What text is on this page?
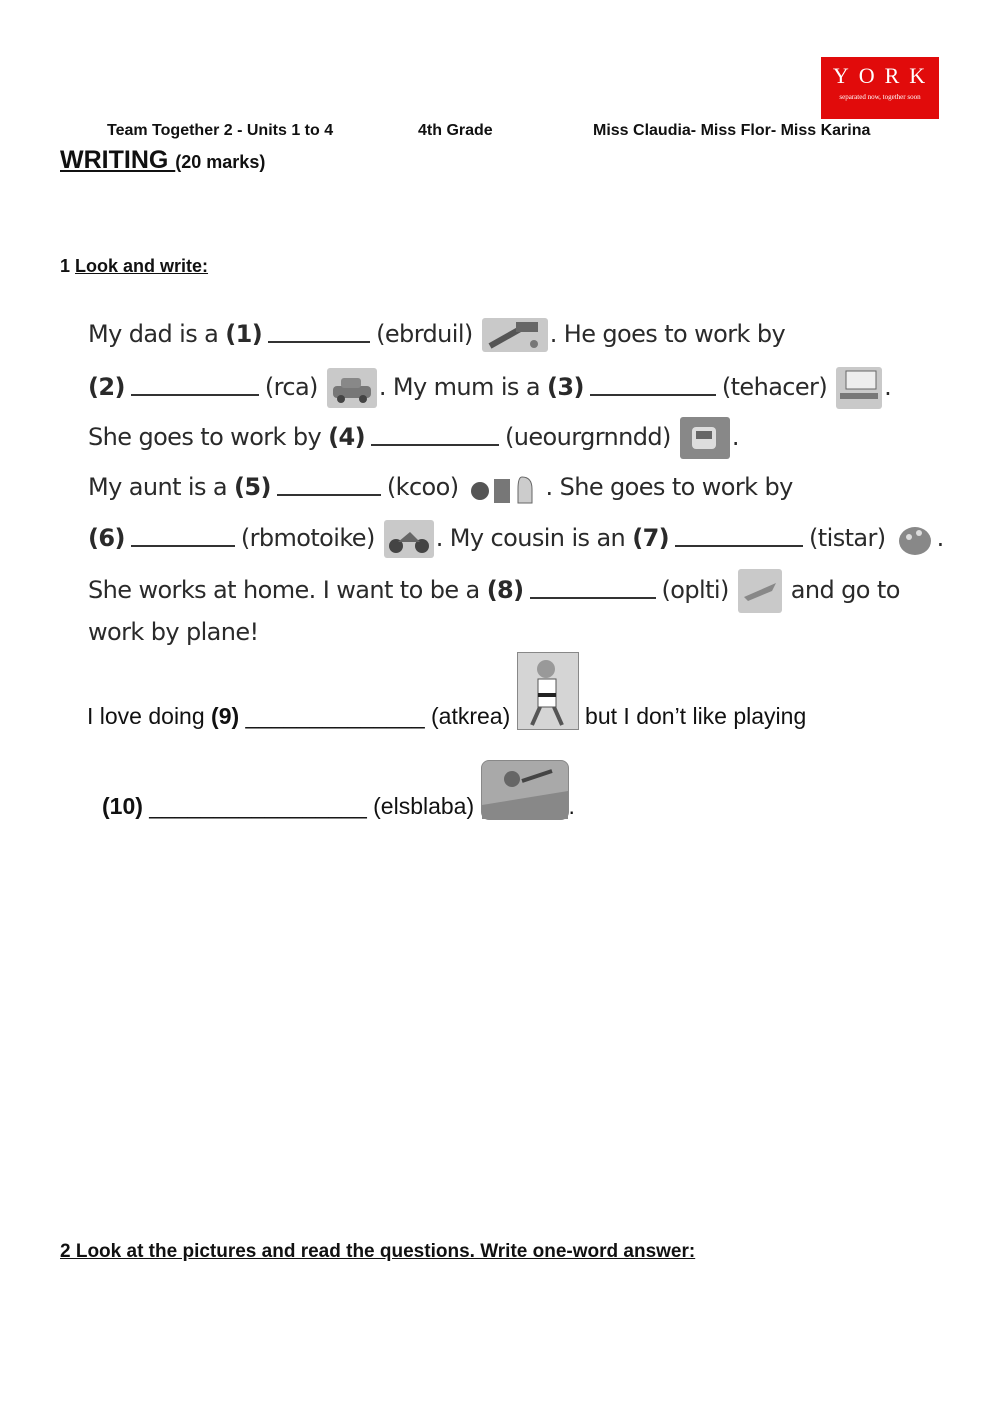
YORK
separated now, together soon
Team Together 2 - Units 1 to 4	4th Grade	Miss Claudia- Miss Flor- Miss Karina
WRITING (20 marks)
1 Look and write:
My dad is a (1)	(ebrduil)	. He goes to work by
(2)	(rca)	. My mum is a (3)	(tehacer) .
She goes to work by (4)	(ueourgrnndd)	.
My aunt is a (5)	(kcoo)	. She goes to work by
(6)	(rbmotoike)	. My cousin is an (7)	(tistar) .
She works at home. I want to be a (8)	(oplti)  and go to
work by plane!
I love doing (9) ______________ (atkrea)	but I don’t like playing
(10) _________________ (elsblaba)	.
2 Look at the pictures and read the questions. Write one-word answer:
